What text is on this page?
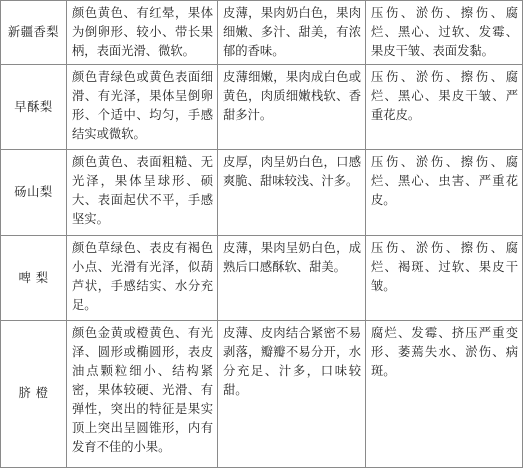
新疆香梨	颜色黄色、有红晕，果体为倒卵形、较小、带长果柄，表面光滑、微软。	皮薄，果肉奶白色，果肉细嫩、多汁、甜美，有浓郁的香味。	压伤、淤伤、擦伤、腐烂、黑心、过软、发霉、果皮干皱、表面发黏。
早酥梨	颜色青绿色或黄色表面细滑、有光泽，果体呈倒卵形、个适中、均匀，手感结实或微软。	皮薄细嫩，果肉成白色或黄色，肉质细嫩栈软、香甜多汁。	压伤、淤伤、擦伤、腐烂、黑心、果皮干皱、严重花皮。
砀山梨	颜色黄色、表面粗糙、无光泽，果体呈球形、硕大、表面起伏不平，手感坚实。	皮厚，肉呈奶白色，口感爽脆、甜味较浅、汁多。	压伤、淤伤、擦伤、腐烂、黑心、虫害、严重花皮。
啤 梨	颜色草绿色、表皮有褐色小点、光滑有光泽，似葫芦状，手感结实、水分充足。	皮薄，果肉呈奶白色，成熟后口感酥软、甜美。	压伤、淤伤、擦伤、腐烂、褐斑、过软、果皮干皱。
脐 橙	颜色金黄或橙黄色、有光泽、圆形或椭圆形，表皮油点颗粒细小、结构紧密，果体较硬、光滑、有弹性，突出的特征是果实顶上突出呈圆锥形，内有发育不佳的小果。	皮薄、皮肉结合紧密不易剥落，瓣瓣不易分开，水分充足、汁多，口味较甜。	腐烂、发霉、挤压严重变形、萎蔫失水、淤伤、病斑。
